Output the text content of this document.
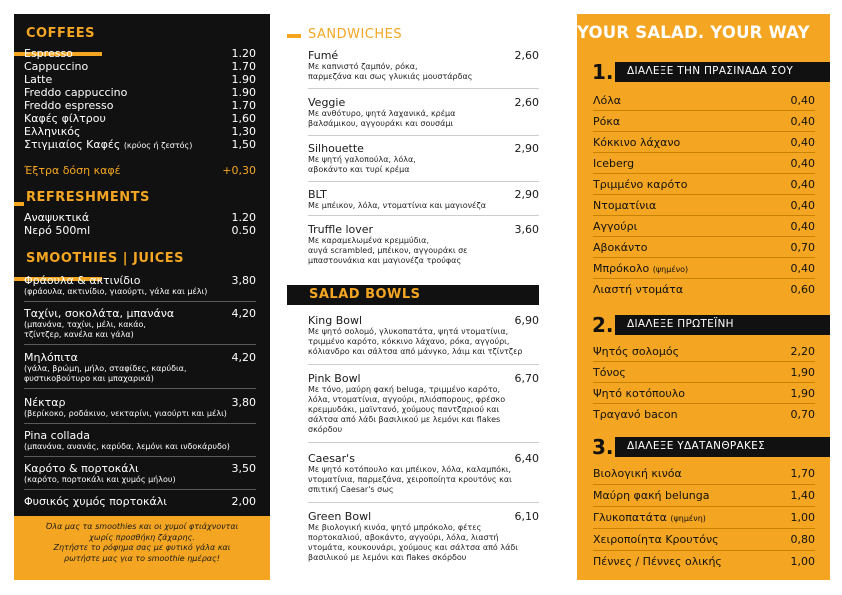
COFFEES
REFRESHMENTS
SMOOTHIES | JUICES
Όλα μας τα smoothies και οι χυμοί φτιάχνονται
χωρίς προσθήκη ζάχαρης.
Ζητήστε το ρόφημα σας με φυτικό γάλα και
ρωτήστε μας για το smoothie ημέρας!
Espresso	1.20
Cappuccino	1.70
Latte	1.90
Freddo cappuccino	1.90
Freddo espresso	1.70
Καφές φίλτρου	1,60
Ελληνικός	1,30
Στιγμιαίος Καφές (κρύος ή ζεστός)	1,50
Έξτρα δόση καφέ	+0,30
Αναψυκτικά	1.20
Νερό 500ml	0.50
Φράουλα & ακτινίδιο	3,80
(φράουλα, ακτινίδιο, γιαούρτι, γάλα και μέλι)
Ταχίνι, σοκολάτα, μπανάνα	4,20
(μπανάνα, ταχίνι, μέλι, κακάο,
τζίντζερ, κανέλα και γάλα)
Μηλόπιτα	4,20
(γάλα, βρώμη, μήλο, σταφίδες, καρύδια,
φυστικοβούτυρο και μπαχαρικά)
Νέκταρ	3,80
(βερίκοκο, ροδάκινο, νεκταρίνι, γιαούρτι και μέλι)
Pina collada
(μπανάνα, ανανάς, καρύδα, λεμόνι και ινδοκάρυδο)
Καρότο & πορτοκάλι	3,50
(καρότο, πορτοκάλι και χυμός μήλου)
Φυσικός χυμός πορτοκάλι	2,00
SANDWICHES
Fumé	2,60
Με καπνιστό ζαμπόν, ρόκα,
παρμεζάνα και σως γλυκιάς μουστάρδας
Veggie	2,60
Με ανθότυρο, ψητά λαχανικά, κρέμα
βαλσάμικου, αγγουράκι και σουσάμι
Silhouette	2,90
Με ψητή γαλοπούλα, λόλα,
αβοκάντο και τυρί κρέμα
BLT	2,90
Με μπέικον, λόλα, ντοματίνια και μαγιονέζα
Truffle lover	3,60
Με καραμελωμένα κρεμμύδια,
αυγά scrambled, μπέικον, αγγουράκι σε
μπαστουνάκια και μαγιονέζα τρούφας
SALAD BOWLS
King Bowl	6,90
Με ψητό σολομό, γλυκοπατάτα, ψητά ντοματίνια,
τριμμένο καρότο, κόκκινο λάχανο, ρόκα, αγγούρι,
κόλιανδρο και σάλτσα από μάνγκο, λάιμ και τζίντζερ
Pink Bowl	6,70
Με τόνο, μαύρη φακή beluga, τριμμένο καρότο,
λόλα, ντοματίνια, αγγούρι, πλιόσπορους, φρέσκο
κρεμμυδάκι, μαϊντανό, χούμους παντζαριού και
σάλτσα από λάδι βασιλικού με λεμόνι και flakes
σκόρδου
Caesar's	6,40
Με ψητό κοτόπουλο και μπέικον, λόλα, καλαμπόκι,
ντοματίνια, παρμεζάνα, χειροποίητα κρουτόνς και
σπιτική Caesar's σως
Green Bowl	6,10
Με βιολογική κινόα, ψητό μπρόκολο, φέτες
πορτοκαλιού, αβοκάντο, αγγούρι, λόλα, λιαστή
ντομάτα, κουκουνάρι, χούμους και σάλτσα από λάδι
βασιλικού με λεμόνι και flakes σκόρδου
YOUR SALAD. YOUR WAY
1. ΔΙΑΛΕΞΕ ΤΗΝ ΠΡΑΣΙΝΑΔΑ ΣΟΥ
Λόλα	0,40
Ρόκα	0,40
Κόκκινο λάχανο	0,40
Iceberg	0,40
Τριμμένο καρότο	0,40
Ντοματίνια	0,40
Αγγούρι	0,40
Αβοκάντο	0,70
Μπρόκολο (ψημένο)	0,40
Λιαστή ντομάτα	0,60
2. ΔΙΑΛΕΞΕ ΠΡΩΤΕΪΝΗ
Ψητός σολομός	2,20
Τόνος	1,90
Ψητό κοτόπουλο	1,90
Τραγανό bacon	0,70
3. ΔΙΑΛΕΞΕ ΥΔΑΤΑΝΘΡΑΚΕΣ
Βιολογική κινόα	1,70
Μαύρη φακή belunga	1,40
Γλυκοπατάτα (ψημένη)	1,00
Χειροποίητα Κρουτόνς	0,80
Πέννες / Πέννες ολικής	1,00
